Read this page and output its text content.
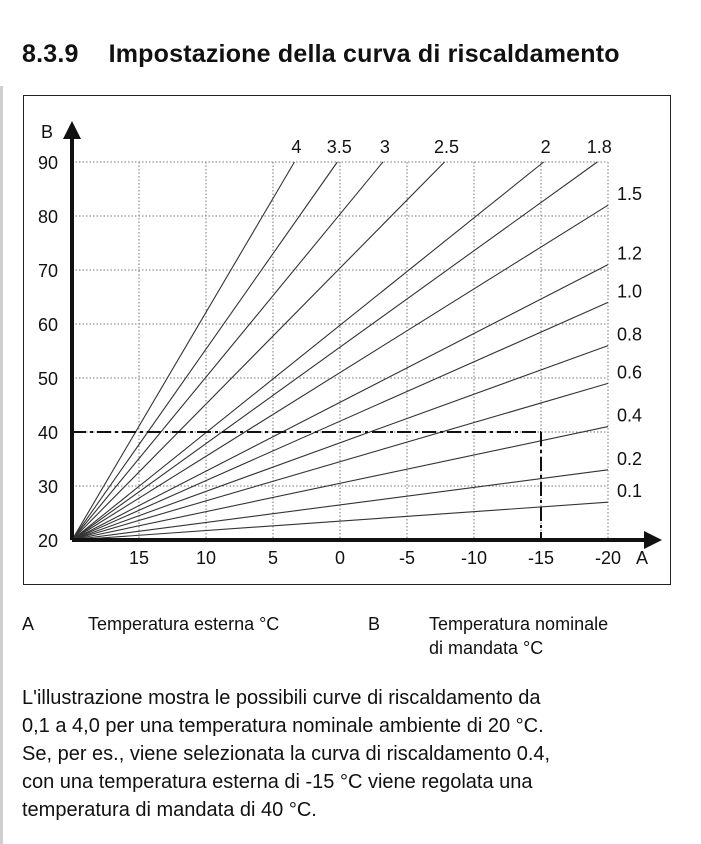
8.3.9 Impostazione della curva di riscaldamento
4 3.5 3 2.5	2 1.8
1.5
1.2
1.0
0.8
0.6
0.4
0.2
0.1
20
30
40
50
60
70
80
90
15	10	5	0	-5	-10 -15 -20
B
A
A	Temperatura esterna °C	B	Temperatura nominale
di mandata °C
L'illustrazione mostra le possibili curve di riscaldamento da
0,1 a 4,0 per una temperatura nominale ambiente di 20 °C.
Se, per es., viene selezionata la curva di riscaldamento 0.4,
con una temperatura esterna di -15 °C viene regolata una
temperatura di mandata di 40 °C.
